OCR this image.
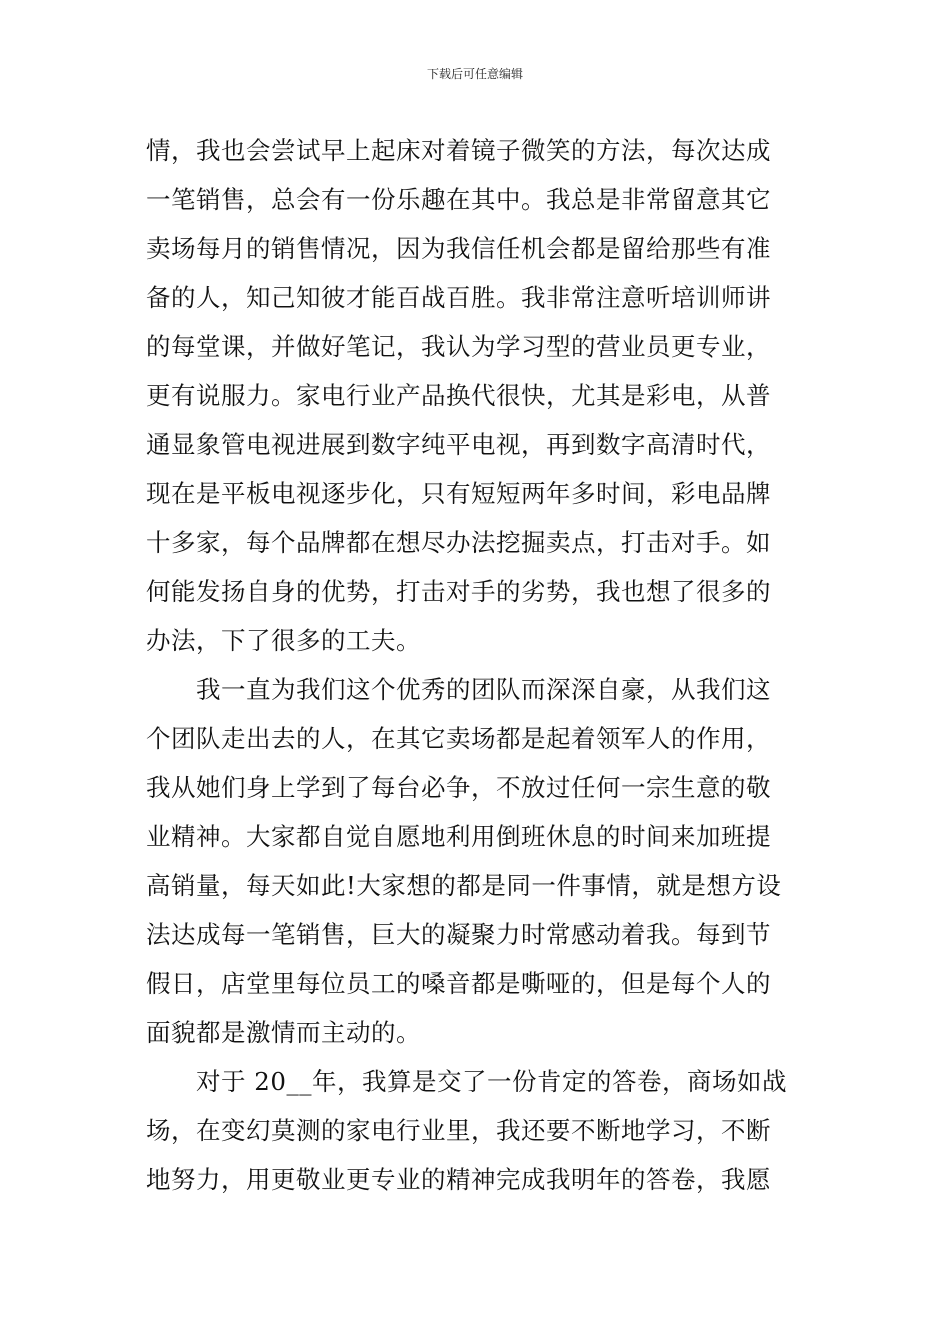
下载后可任意编辑
情，我也会尝试早上起床对着镜子微笑的方法，每次达成
一笔销售，总会有一份乐趣在其中。我总是非常留意其它
卖场每月的销售情况，因为我信任机会都是留给那些有准
备的人，知己知彼才能百战百胜。我非常注意听培训师讲
的每堂课，并做好笔记，我认为学习型的营业员更专业，
更有说服力。家电行业产品换代很快，尤其是彩电，从普
通显象管电视进展到数字纯平电视，再到数字高清时代，
现在是平板电视逐步化，只有短短两年多时间，彩电品牌
十多家，每个品牌都在想尽办法挖掘卖点，打击对手。如
何能发扬自身的优势，打击对手的劣势，我也想了很多的
办法，下了很多的工夫。
我一直为我们这个优秀的团队而深深自豪，从我们这
个团队走出去的人，在其它卖场都是起着领军人的作用，
我从她们身上学到了每台必争，不放过任何一宗生意的敬
业精神。大家都自觉自愿地利用倒班休息的时间来加班提
高销量，每天如此!大家想的都是同一件事情，就是想方设
法达成每一笔销售，巨大的凝聚力时常感动着我。每到节
假日，店堂里每位员工的嗓音都是嘶哑的，但是每个人的
面貌都是激情而主动的。
对于 20__年，我算是交了一份肯定的答卷，商场如战
场，在变幻莫测的家电行业里，我还要不断地学习，不断
地努力，用更敬业更专业的精神完成我明年的答卷，我愿
